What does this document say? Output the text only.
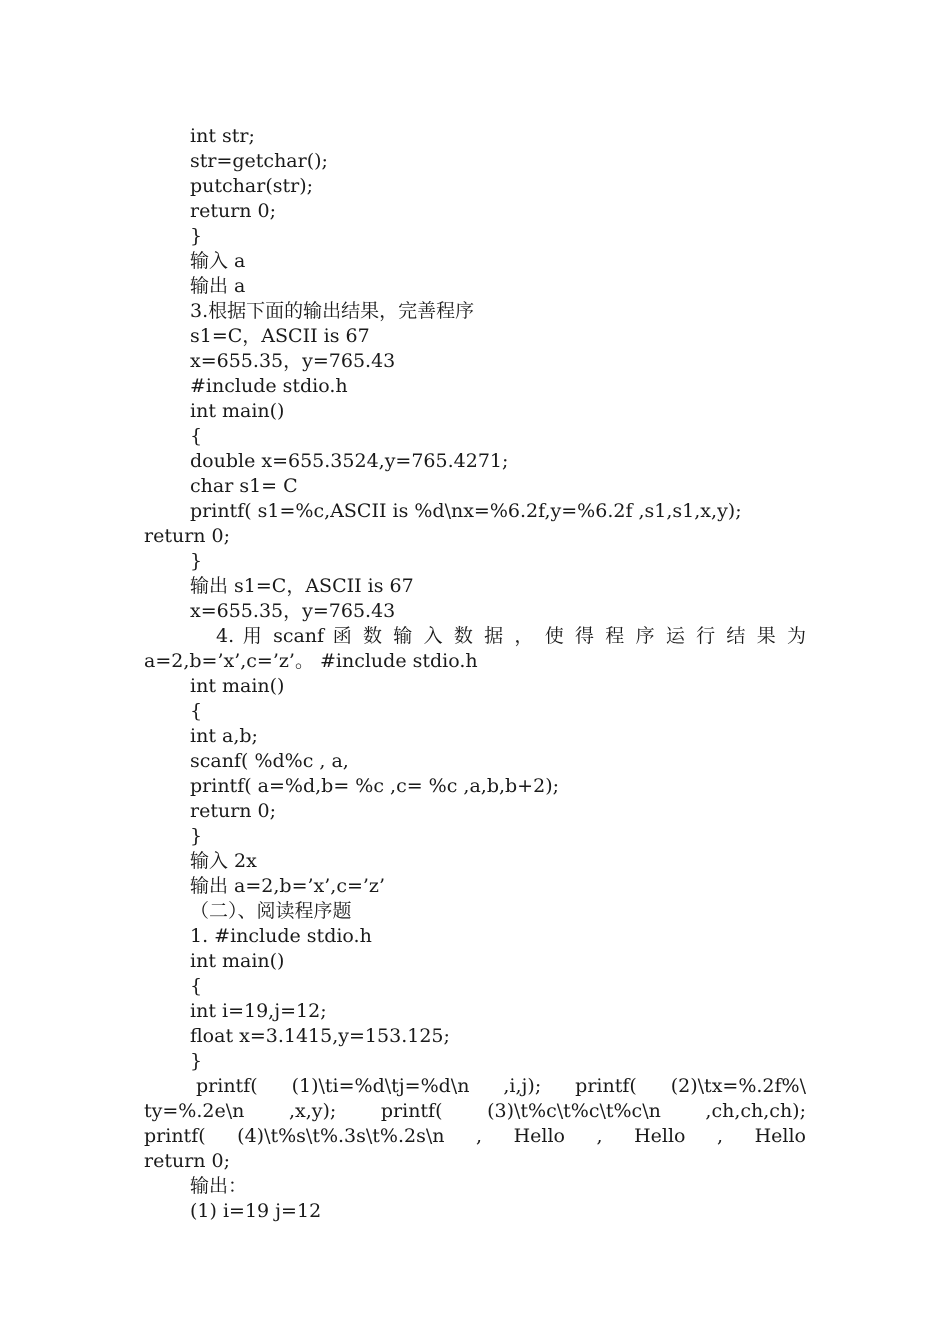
int str;
str=getchar();
putchar(str);
return 0;
}
输入 a
输出 a
3.根据下面的输出结果，完善程序
s1=C，ASCII is 67
x=655.35，y=765.43
#include stdio.h
int main()
{
double x=655.3524,y=765.4271;
char s1= C
printf( s1=%c,ASCII is %d\nx=%6.2f,y=%6.2f ,s1,s1,x,y);
return 0;
}
输出 s1=C，ASCII is 67
x=655.35，y=765.43
4. 用 scanf 函 数 输 入 数 据 ， 使 得 程 序 运 行 结 果 为
a=2,b=’x’,c=’z’。 #include stdio.h
int main()
{
int a,b;
scanf( %d%c , a,
printf( a=%d,b= %c ,c= %c ,a,b,b+2);
return 0;
}
输入 2x
输出 a=2,b=’x’,c=’z’
（二）、阅读程序题
1. #include stdio.h
int main()
{
int i=19,j=12;
float x=3.1415,y=153.125;
}
printf( (1)\ti=%d\tj=%d\n ,i,j); printf( (2)\tx=%.2f%\
ty=%.2e\n ,x,y); printf( (3)\t%c\t%c\t%c\n ,ch,ch,ch);
printf( (4)\t%s\t%.3s\t%.2s\n , Hello , Hello , Hello
return 0;
输出：
(1) i=19 j=12
